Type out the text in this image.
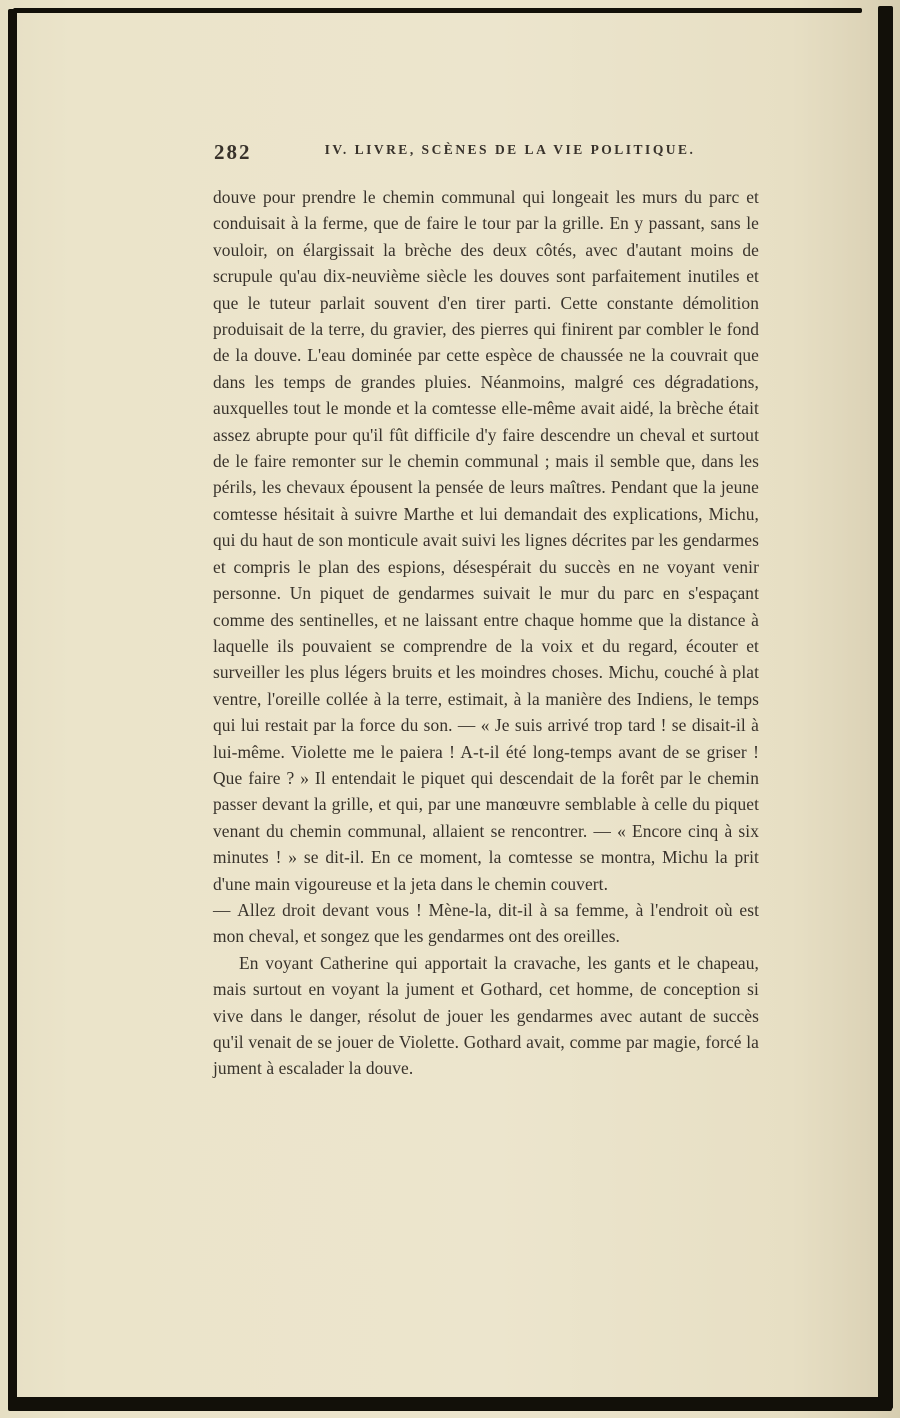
282	IV. LIVRE, SCÈNES DE LA VIE POLITIQUE.

douve pour prendre le chemin communal qui longeait les murs du parc et conduisait à la ferme, que de faire le tour par la grille. En y passant, sans le vouloir, on élargissait la brèche des deux côtés, avec d'autant moins de scrupule qu'au dix-neuvième siècle les douves sont parfaitement inutiles et que le tuteur parlait souvent d'en tirer parti. Cette constante démolition produisait de la terre, du gravier, des pierres qui finirent par combler le fond de la douve. L'eau dominée par cette espèce de chaussée ne la couvrait que dans les temps de grandes pluies. Néanmoins, malgré ces dégradations, auxquelles tout le monde et la comtesse elle-même avait aidé, la brèche était assez abrupte pour qu'il fût difficile d'y faire descendre un cheval et surtout de le faire remonter sur le chemin communal ; mais il semble que, dans les périls, les chevaux épousent la pensée de leurs maîtres. Pendant que la jeune comtesse hésitait à suivre Marthe et lui demandait des explications, Michu, qui du haut de son monticule avait suivi les lignes décrites par les gendarmes et compris le plan des espions, désespérait du succès en ne voyant venir personne. Un piquet de gendarmes suivait le mur du parc en s'espaçant comme des sentinelles, et ne laissant entre chaque homme que la distance à laquelle ils pouvaient se comprendre de la voix et du regard, écouter et surveiller les plus légers bruits et les moindres choses. Michu, couché à plat ventre, l'oreille collée à la terre, estimait, à la manière des Indiens, le temps qui lui restait par la force du son. — « Je suis arrivé trop tard ! se disait-il à lui-même. Violette me le paiera ! A-t-il été long-temps avant de se griser ! Que faire ? » Il entendait le piquet qui descendait de la forêt par le chemin passer devant la grille, et qui, par une manœuvre semblable à celle du piquet venant du chemin communal, allaient se rencontrer. — « Encore cinq à six minutes ! » se dit-il. En ce moment, la comtesse se montra, Michu la prit d'une main vigoureuse et la jeta dans le chemin couvert.

— Allez droit devant vous ! Mène-la, dit-il à sa femme, à l'endroit où est mon cheval, et songez que les gendarmes ont des oreilles.

En voyant Catherine qui apportait la cravache, les gants et le chapeau, mais surtout en voyant la jument et Gothard, cet homme, de conception si vive dans le danger, résolut de jouer les gendarmes avec autant de succès qu'il venait de se jouer de Violette. Gothard avait, comme par magie, forcé la jument à escalader la douve.
